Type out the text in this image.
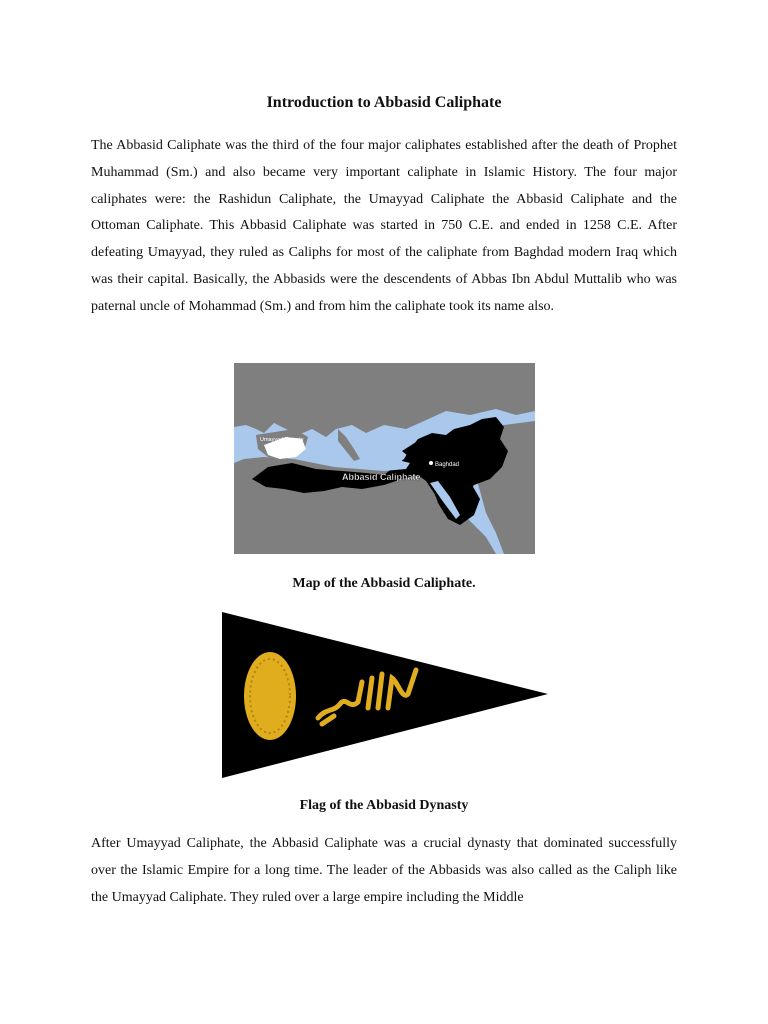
Introduction to Abbasid Caliphate

The Abbasid Caliphate was the third of the four major caliphates established after the death of Prophet Muhammad (Sm.) and also became very important caliphate in Islamic History. The four major caliphates were: the Rashidun Caliphate, the Umayyad Caliphate the Abbasid Caliphate and the Ottoman Caliphate. This Abbasid Caliphate was started in 750 C.E. and ended in 1258 C.E. After defeating Umayyad, they ruled as Caliphs for most of the caliphate from Baghdad modern Iraq which was their capital. Basically, the Abbasids were the descendents of Abbas Ibn Abdul Muttalib who was paternal uncle of Mohammad (Sm.) and from him the caliphate took its name also.

Baghdad
Abbasid Caliphate
Umayyad Emirate
Map of the Abbasid Caliphate.
Flag of the Abbasid Dynasty

After Umayyad Caliphate, the Abbasid Caliphate was a crucial dynasty that dominated successfully over the Islamic Empire for a long time. The leader of the Abbasids was also called as the Caliph like the Umayyad Caliphate. They ruled over a large empire including the Middle
